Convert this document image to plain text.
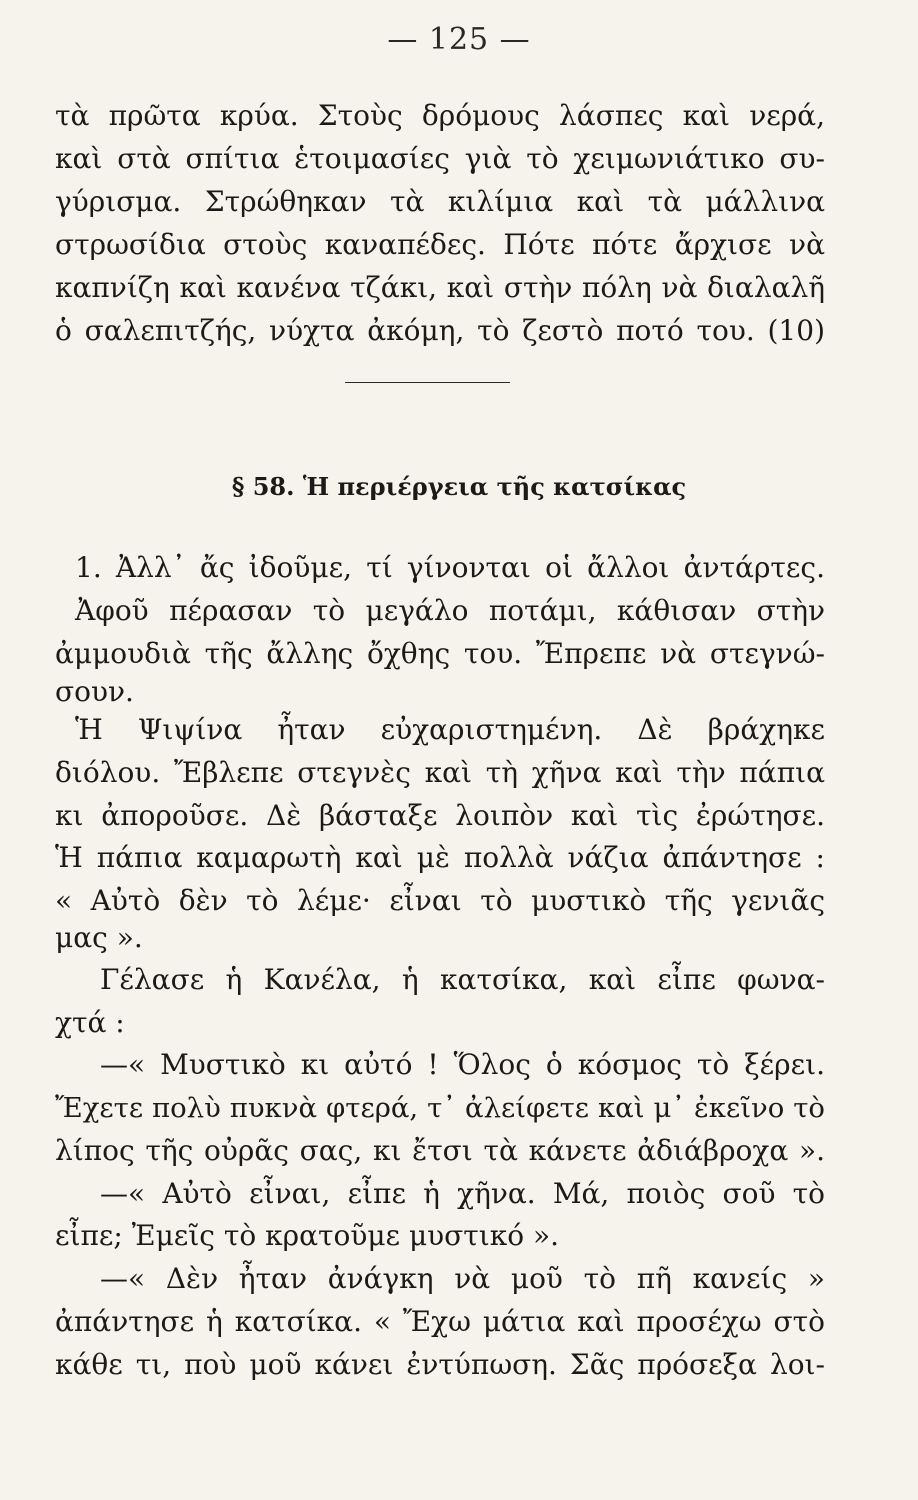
— 125 —
τὰ πρῶτα κρύα. Στοὺς δρόμους λάσπες καὶ νερά,
καὶ στὰ σπίτια ἑτοιμασίες γιὰ τὸ χειμωνιάτικο συ-
γύρισμα. Στρώθηκαν τὰ κιλίμια καὶ τὰ μάλλινα
στρωσίδια στοὺς καναπέδες. Πότε πότε ἄρχισε νὰ
καπνίζη καὶ κανένα τζάκι, καὶ στὴν πόλη νὰ διαλαλῆ
ὁ σαλεπιτζής, νύχτα ἀκόμη, τὸ ζεστὸ ποτό του. (10)
§ 58. Ἡ περιέργεια τῆς κατσίκας
1. Ἀλλ᾽ ἄς ἰδοῦμε, τί γίνονται οἱ ἄλλοι ἀντάρτες.
Ἀφοῦ πέρασαν τὸ μεγάλο ποτάμι, κάθισαν στὴν
ἀμμουδιὰ τῆς ἄλλης ὄχθης του. Ἔπρεπε νὰ στεγνώ-
σουν.
Ἡ Ψιψίνα ἦταν εὐχαριστημένη. Δὲ βράχηκε
διόλου. Ἔβλεπε στεγνὲς καὶ τὴ χῆνα καὶ τὴν πάπια
κι ἀποροῦσε. Δὲ βάσταξε λοιπὸν καὶ τὶς ἐρώτησε.
Ἡ πάπια καμαρωτὴ καὶ μὲ πολλὰ νάζια ἀπάντησε :
« Αὐτὸ δὲν τὸ λέμε· εἶναι τὸ μυστικὸ τῆς γενιᾶς
μας ».
Γέλασε ἡ Κανέλα, ἡ κατσίκα, καὶ εἶπε φωνα-
χτά :
—« Μυστικὸ κι αὐτό ! Ὅλος ὁ κόσμος τὸ ξέρει.
Ἔχετε πολὺ πυκνὰ φτερά, τ᾽ ἀλείφετε καὶ μ᾽ ἐκεῖνο τὸ
λίπος τῆς οὐρᾶς σας, κι ἔτσι τὰ κάνετε ἀδιάβροχα ».
—« Αὐτὸ εἶναι, εἶπε ἡ χῆνα. Μά, ποιὸς σοῦ τὸ
εἶπε; Ἐμεῖς τὸ κρατοῦμε μυστικό ».
—« Δὲν ἦταν ἀνάγκη νὰ μοῦ τὸ πῆ κανείς »
ἀπάντησε ἡ κατσίκα. « Ἔχω μάτια καὶ προσέχω στὸ
κάθε τι, ποὺ μοῦ κάνει ἐντύπωση. Σᾶς πρόσεξα λοι-
